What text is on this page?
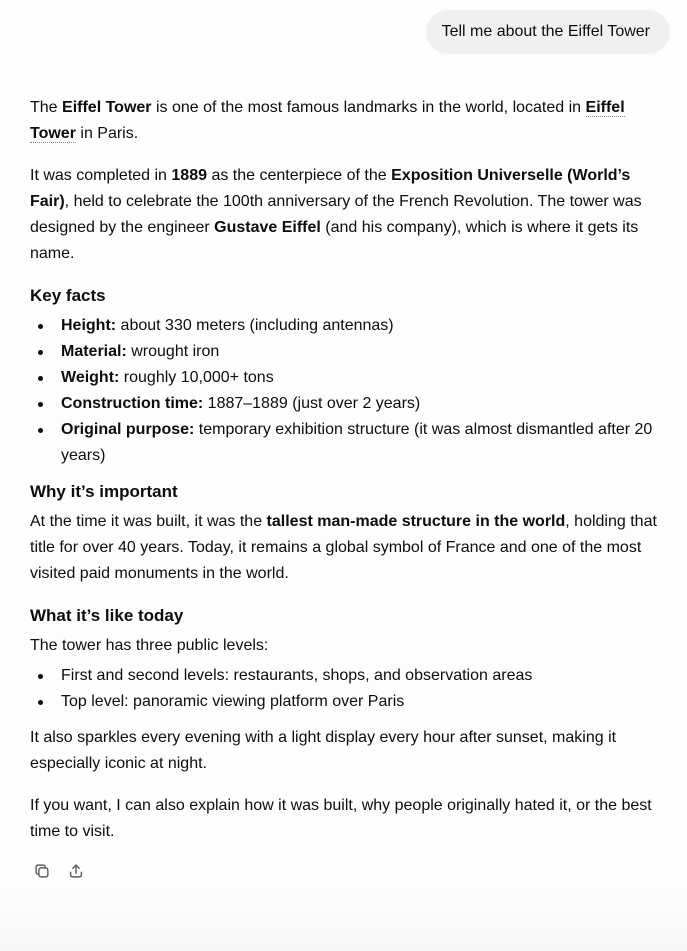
Tell me about the Eiffel Tower

The Eiffel Tower is one of the most famous landmarks in the world, located in Eiffel Tower in Paris.

It was completed in 1889 as the centerpiece of the Exposition Universelle (World’s Fair), held to celebrate the 100th anniversary of the French Revolution. The tower was designed by the engineer Gustave Eiffel (and his company), which is where it gets its name.

Key facts
Height: about 330 meters (including antennas)
Material: wrought iron
Weight: roughly 10,000+ tons
Construction time: 1887–1889 (just over 2 years)
Original purpose: temporary exhibition structure (it was almost dismantled after 20 years)
Why it’s important

At the time it was built, it was the tallest man-made structure in the world, holding that title for over 40 years. Today, it remains a global symbol of France and one of the most visited paid monuments in the world.

What it’s like today

The tower has three public levels:

First and second levels: restaurants, shops, and observation areas
Top level: panoramic viewing platform over Paris

It also sparkles every evening with a light display every hour after sunset, making it especially iconic at night.

If you want, I can also explain how it was built, why people originally hated it, or the best time to visit.
